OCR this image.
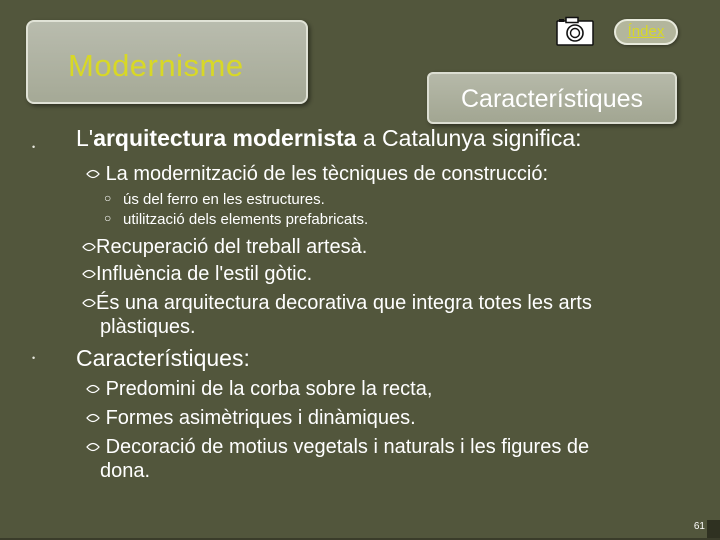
Modernisme
Índex
Característiques
• L'arquitectura modernista a Catalunya significa:
La modernització de les tècniques de construcció:
○ ús del ferro en les estructures.
○ utilització dels elements prefabricats.
Recuperació del treball artesà.
Influència de l'estil gòtic.
És una arquitectura decorativa que integra totes les arts
plàstiques.
• Característiques:
Predomini de la corba sobre la recta,
Formes asimètriques i dinàmiques.
Decoració de motius vegetals i naturals i les figures de
dona.
61
